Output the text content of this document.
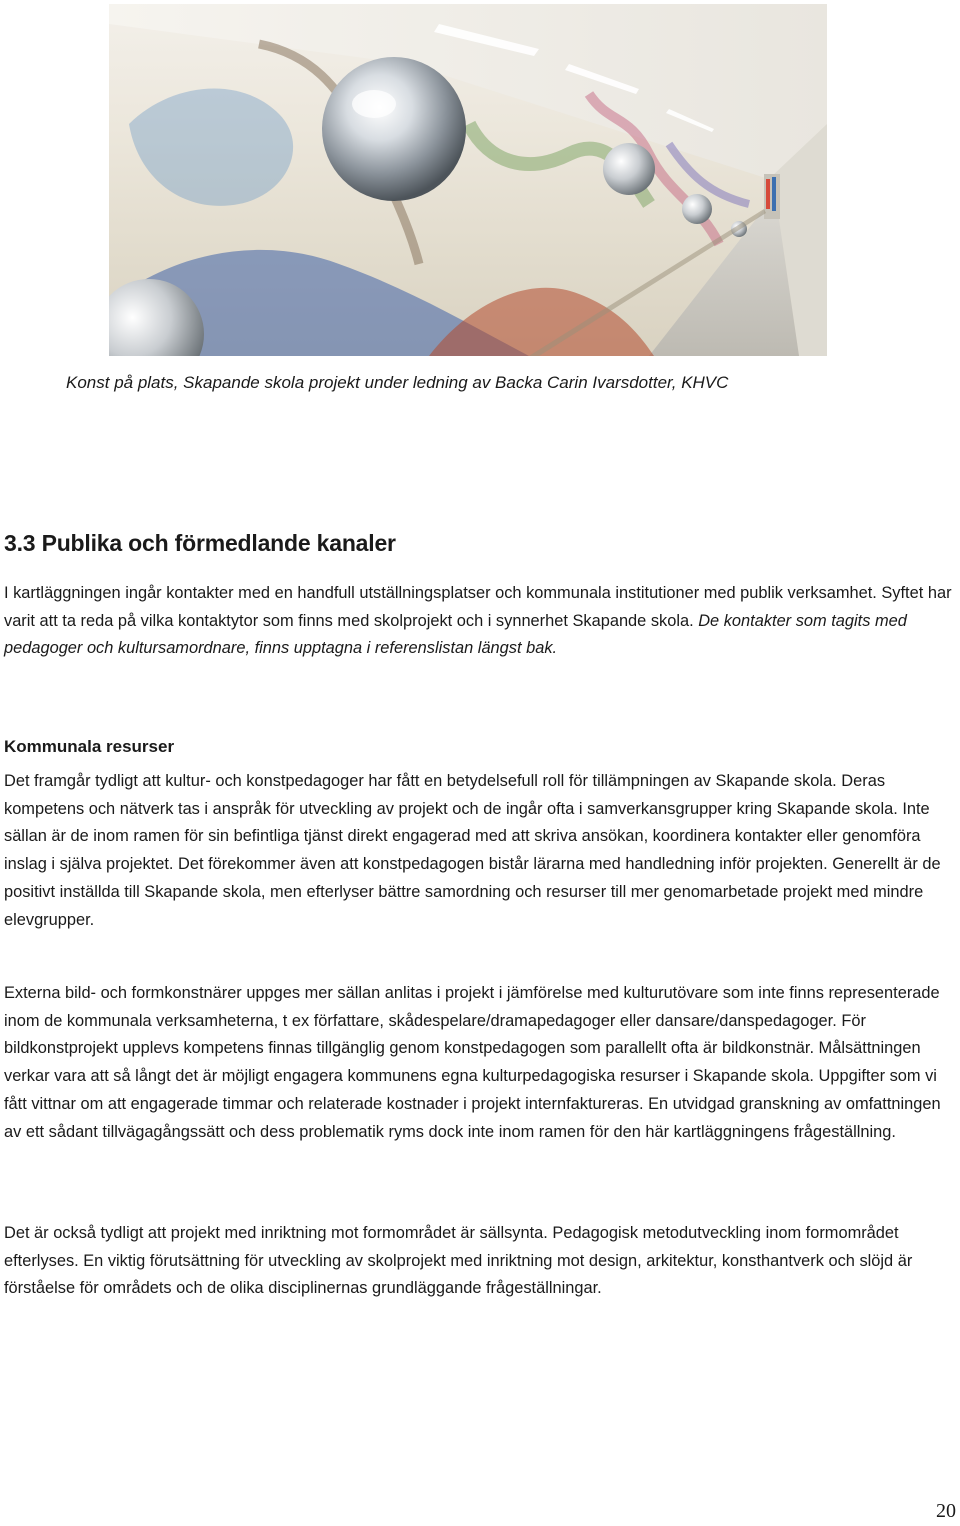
Konst på plats, Skapande skola projekt under ledning av Backa Carin Ivarsdotter, KHVC
3.3 Publika och förmedlande kanaler

I kartläggningen ingår kontakter med en handfull utställningsplatser och kommunala institutioner med publik verksamhet. Syftet har varit att ta reda på vilka kontaktytor som finns med skolprojekt och i synnerhet Skapande skola. De kontakter som tagits med pedagoger och kultursamordnare, finns upptagna i referenslistan längst bak.

Kommunala resurser

Det framgår tydligt att kultur- och konstpedagoger har fått en betydelsefull roll för tillämpningen av Skapande skola. Deras kompetens och nätverk tas i anspråk för utveckling av projekt och de ingår ofta i samverkansgrupper kring Skapande skola. Inte sällan är de inom ramen för sin befintliga tjänst direkt engagerad med att skriva ansökan, koordinera kontakter eller genomföra inslag i själva projektet. Det förekommer även att konstpedagogen bistår lärarna med handledning inför projekten. Generellt är de positivt inställda till Skapande skola, men efterlyser bättre samordning och resurser till mer genomarbetade projekt med mindre elevgrupper.

Externa bild- och formkonstnärer uppges mer sällan anlitas i projekt i jämförelse med kulturutövare som inte finns representerade inom de kommunala verksamheterna, t ex författare, skådespelare/dramapedagoger eller dansare/danspedagoger. För bildkonstprojekt upplevs kompetens finnas tillgänglig genom konstpedagogen som parallellt ofta är bildkonstnär. Målsättningen verkar vara att så långt det är möjligt engagera kommunens egna kulturpedagogiska resurser i Skapande skola. Uppgifter som vi fått vittnar om att engagerade timmar och relaterade kostnader i projekt internfaktureras. En utvidgad granskning av omfattningen av ett sådant tillvägagångssätt och dess problematik ryms dock inte inom ramen för den här kartläggningens frågeställning.

Det är också tydligt att projekt med inriktning mot formområdet är sällsynta. Pedagogisk metodutveckling inom formområdet efterlyses. En viktig förutsättning för utveckling av skolprojekt med inriktning mot design, arkitektur, konsthantverk och slöjd är förståelse för områdets och de olika disciplinernas grundläggande frågeställningar.

20
